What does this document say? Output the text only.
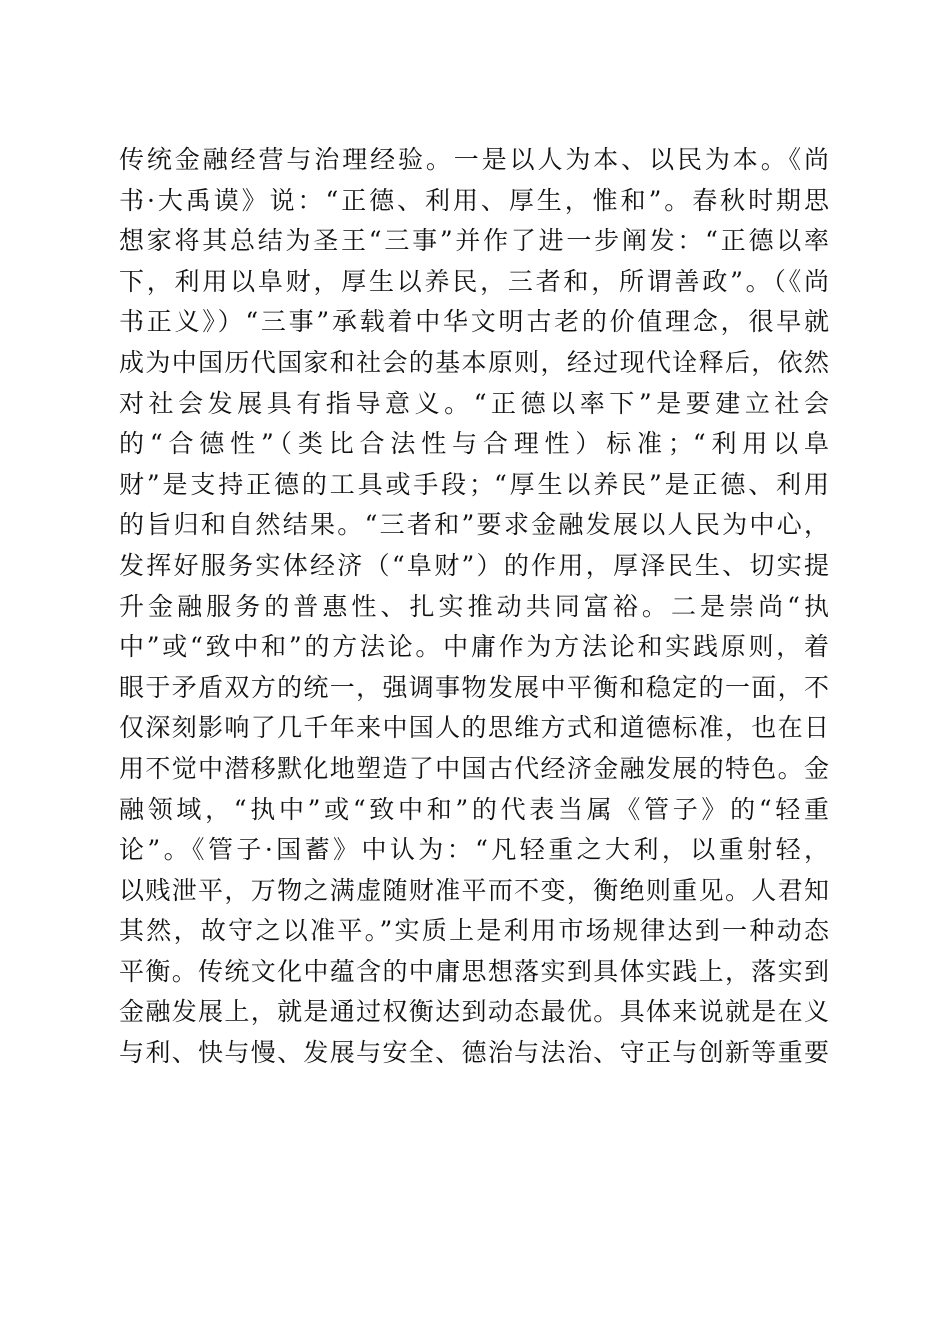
传统金融经营与治理经验。一是以人为本、以民为本。《尚
书·大禹谟》说：“正德、利用、厚生，惟和”。春秋时期思
想家将其总结为圣王“三事”并作了进一步阐发：“正德以率
下，利用以阜财，厚生以养民，三者和，所谓善政”。（《尚
书正义》）“三事”承载着中华文明古老的价值理念，很早就
成为中国历代国家和社会的基本原则，经过现代诠释后，依然
对社会发展具有指导意义。“正德以率下”是要建立社会
的“合德性”（类比合法性与合理性）标准；“利用以阜
财”是支持正德的工具或手段；“厚生以养民”是正德、利用
的旨归和自然结果。“三者和”要求金融发展以人民为中心，
发挥好服务实体经济（“阜财”）的作用，厚泽民生、切实提
升金融服务的普惠性、扎实推动共同富裕。二是崇尚“执
中”或“致中和”的方法论。中庸作为方法论和实践原则，着
眼于矛盾双方的统一，强调事物发展中平衡和稳定的一面，不
仅深刻影响了几千年来中国人的思维方式和道德标准，也在日
用不觉中潜移默化地塑造了中国古代经济金融发展的特色。金
融领域，“执中”或“致中和”的代表当属《管子》的“轻重
论”。《管子·国蓄》中认为：“凡轻重之大利，以重射轻，
以贱泄平，万物之满虚随财准平而不变，衡绝则重见。人君知
其然，故守之以准平。”实质上是利用市场规律达到一种动态
平衡。传统文化中蕴含的中庸思想落实到具体实践上，落实到
金融发展上，就是通过权衡达到动态最优。具体来说就是在义
与利、快与慢、发展与安全、德治与法治、守正与创新等重要
